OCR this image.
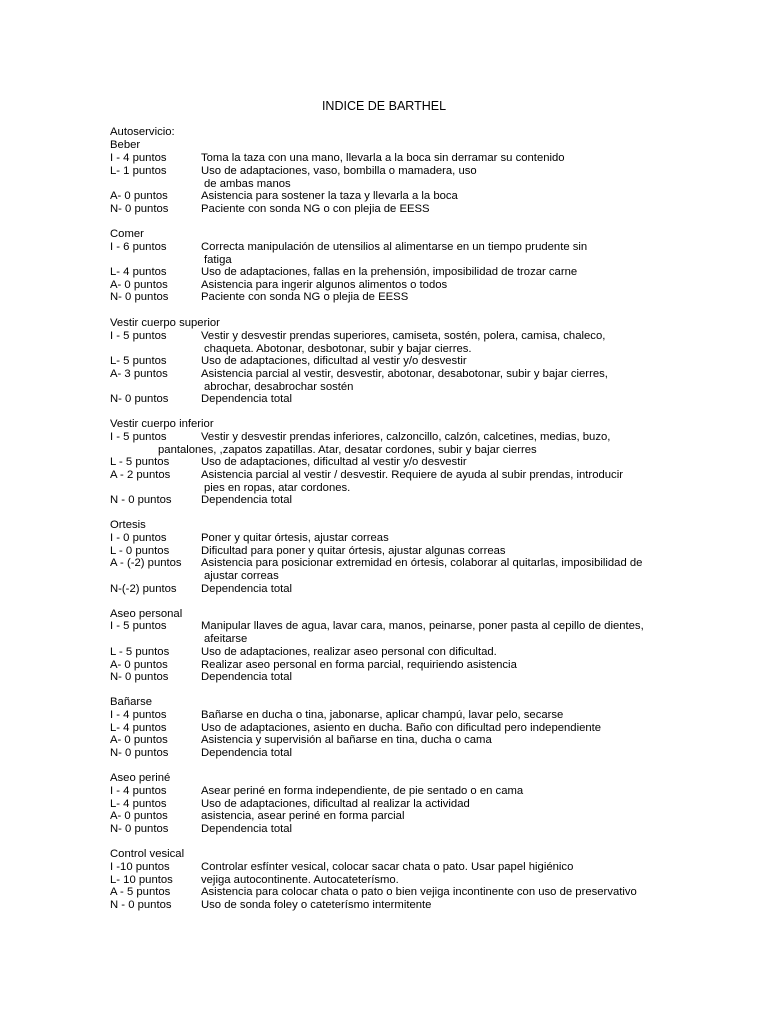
INDICE DE BARTHEL
Autoservicio:
Beber
I - 4 puntos	Toma la taza con una mano, llevarla a la boca sin derramar su contenido
L- 1 puntos	Uso de adaptaciones, vaso, bombilla o mamadera, uso
de ambas manos
A- 0 puntos	Asistencia para sostener la taza y llevarla a la boca
N- 0 puntos	Paciente con sonda NG o con plejia de EESS
Comer
I - 6 puntos	Correcta manipulación de utensilios al alimentarse en un tiempo prudente sin
fatiga
L- 4 puntos	Uso de adaptaciones, fallas en la prehensión, imposibilidad de trozar carne
A- 0 puntos	Asistencia para ingerir algunos alimentos o todos
N- 0 puntos	Paciente con sonda NG o plejia de EESS
Vestir cuerpo superior
I - 5 puntos	Vestir y desvestir prendas superiores, camiseta, sostén, polera, camisa, chaleco,
chaqueta. Abotonar, desbotonar, subir y bajar cierres.
L- 5 puntos	Uso de adaptaciones, dificultad al vestir y/o desvestir
A- 3 puntos	Asistencia parcial al vestir, desvestir, abotonar, desabotonar, subir y bajar cierres,
abrochar, desabrochar sostén
N- 0 puntos	Dependencia total
Vestir cuerpo inferior
I - 5 puntos	Vestir y desvestir prendas inferiores, calzoncillo, calzón, calcetines, medias, buzo,
pantalones, ,zapatos zapatillas. Atar, desatar cordones, subir y bajar cierres
L - 5 puntos	Uso de adaptaciones, dificultad al vestir y/o desvestir
A - 2 puntos	Asistencia parcial al vestir / desvestir. Requiere de ayuda al subir prendas, introducir
pies en ropas, atar cordones.
N - 0 puntos	Dependencia total
Ortesis
I - 0 puntos	Poner y quitar órtesis, ajustar correas
L - 0 puntos	Dificultad para poner y quitar órtesis, ajustar algunas correas
A - (-2) puntos Asistencia para posicionar extremidad en órtesis, colaborar al quitarlas, imposibilidad de
ajustar correas
N-(-2) puntos Dependencia total
Aseo personal
I - 5 puntos	Manipular llaves de agua, lavar cara, manos, peinarse, poner pasta al cepillo de dientes,
afeitarse
L - 5 puntos	Uso de adaptaciones, realizar aseo personal con dificultad.
A- 0 puntos	Realizar aseo personal en forma parcial, requiriendo asistencia
N- 0 puntos	Dependencia total
Bañarse
I - 4 puntos	Bañarse en ducha o tina, jabonarse, aplicar champú, lavar pelo, secarse
L- 4 puntos	Uso de adaptaciones, asiento en ducha. Baño con dificultad pero independiente
A- 0 puntos	Asistencia y supervisión al bañarse en tina, ducha o cama
N- 0 puntos	Dependencia total
Aseo periné
I - 4 puntos	Asear periné en forma independiente, de pie sentado o en cama
L- 4 puntos	Uso de adaptaciones, dificultad al realizar la actividad
A- 0 puntos	asistencia, asear periné en forma parcial
N- 0 puntos	Dependencia total
Control vesical
I -10 puntos	Controlar esfínter vesical, colocar sacar chata o pato. Usar papel higiénico
L- 10 puntos vejiga autocontinente. Autocateterísmo.
A - 5 puntos	Asistencia para colocar chata o pato o bien vejiga incontinente con uso de preservativo
N - 0 puntos	Uso de sonda foley o cateterísmo intermitente
